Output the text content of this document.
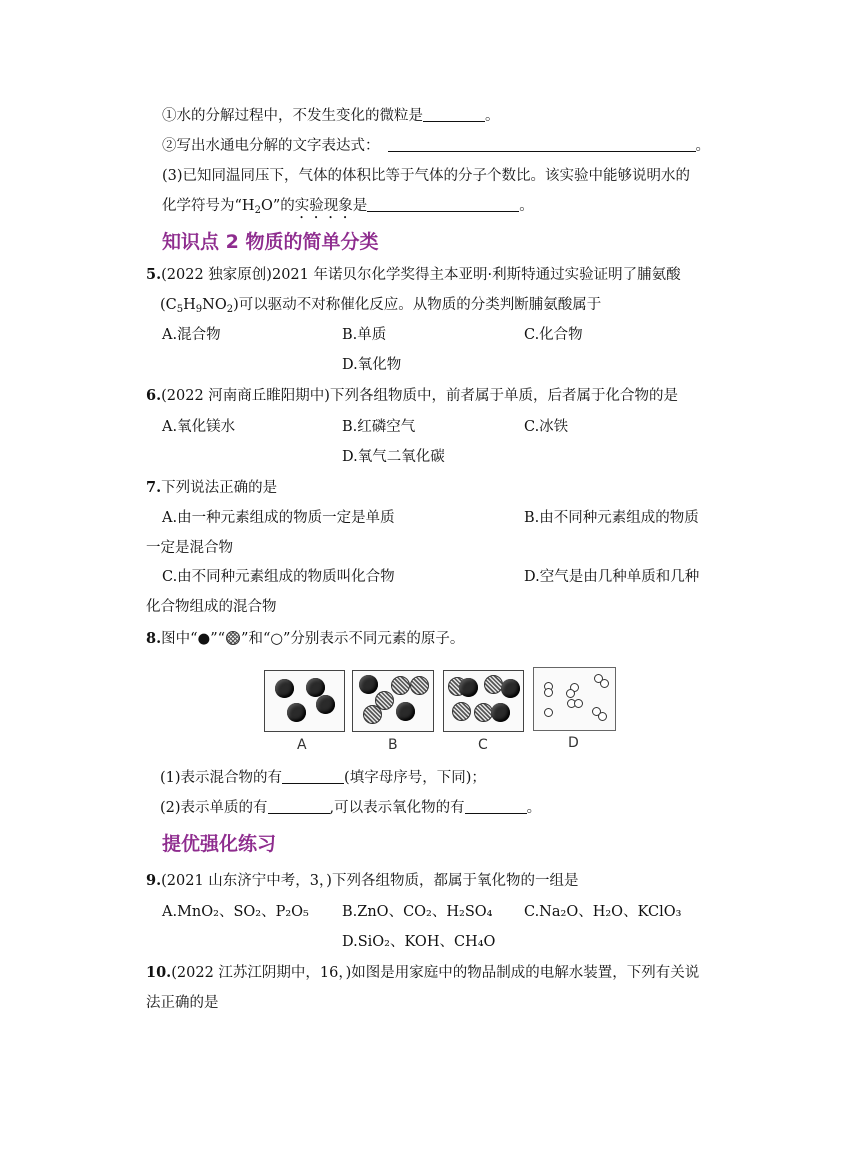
①水的分解过程中，不发生变化的微粒是	。
②写出水通电分解的文字表达式：	。
(3)已知同温同压下，气体的体积比等于气体的分子个数比。该实验中能够说明水的
化学符号为“$H_2O$”的实验现象是	。
知识点 2 物质的简单分类
5.(2022 独家原创)2021 年诺贝尔化学奖得主本亚明·利斯特通过实验证明了脯氨酸
$(C_5H_9NO_2)$可以驱动不对称催化反应。从物质的分类判断脯氨酸属于
A.混合物	B.单质	C.化合物
D.氧化物
6.(2022 河南商丘睢阳期中)下列各组物质中，前者属于单质，后者属于化合物的是
A.氧化镁水	B.红磷空气	C.冰铁
D.氧气二氧化碳
7.下列说法正确的是
A.由一种元素组成的物质一定是单质	B.由不同种元素组成的物质
一定是混合物
C.由不同种元素组成的物质叫化合物	D.空气是由几种单质和几种
化合物组成的混合物
8.图中“●”“ ”和“○”分别表示不同元素的原子。
A	B	C	D
(1)表示混合物的有	(填字母序号，下同)；
(2)表示单质的有	,可以表示氧化物的有	。
提优强化练习
9.(2021 山东济宁中考，3，)下列各组物质，都属于氧化物的一组是
A.MnO₂、SO₂、P₂O₅ B.ZnO、CO₂、H₂SO₄ C.Na₂O、H₂O、KClO₃
D.SiO₂、KOH、CH₄O
10.(2022 江苏江阴期中，16，)如图是用家庭中的物品制成的电解水装置，下列有关说
法正确的是
